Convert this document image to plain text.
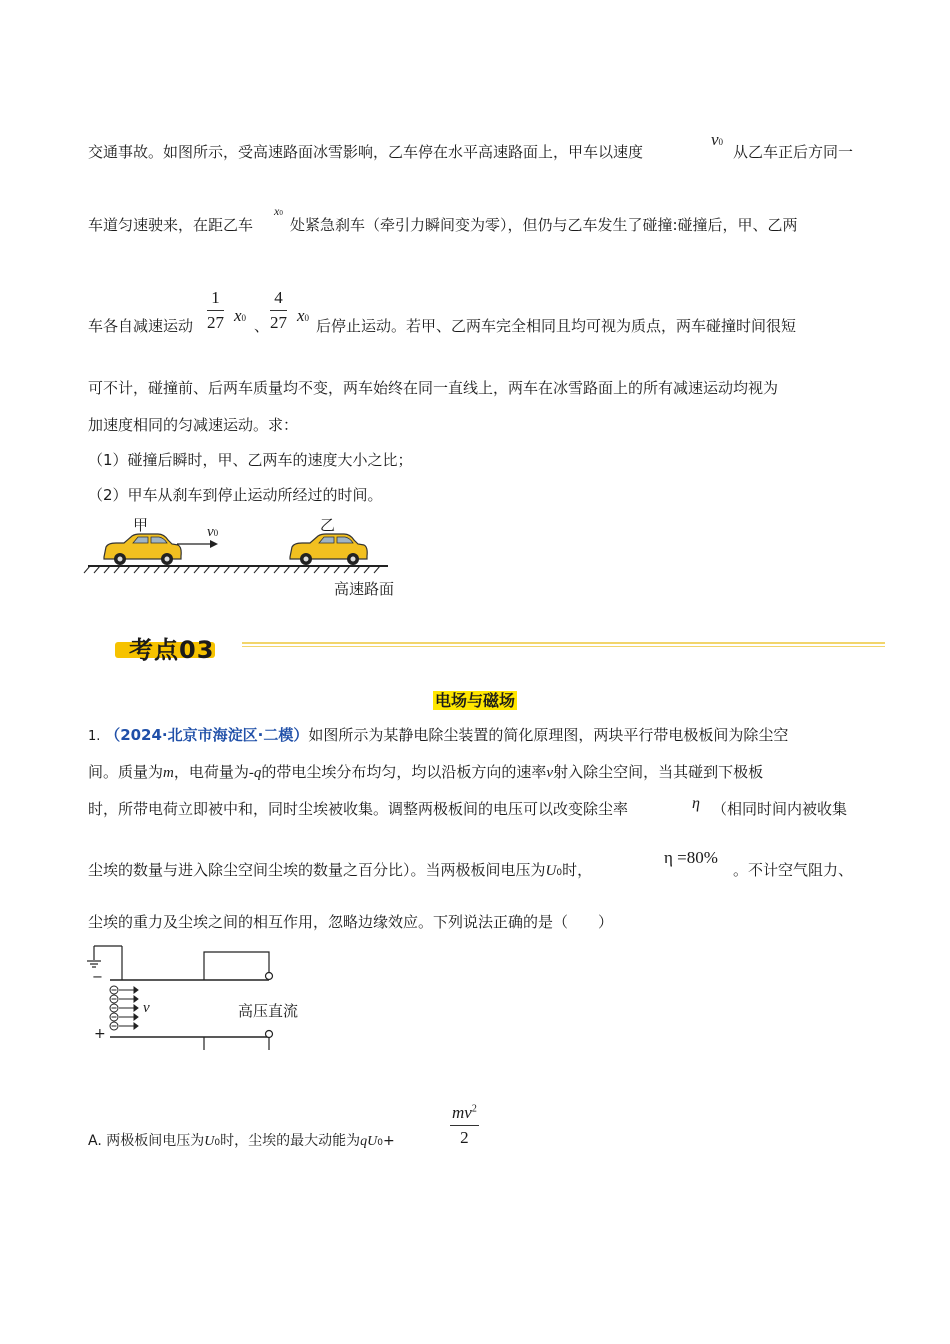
交通事故。如图所示，受高速路面冰雪影响，乙车停在水平高速路面上，甲车以速度
v0
从乙车正后方同一
车道匀速驶来，在距乙车
x0
处紧急刹车（牵引力瞬间变为零），但仍与乙车发生了碰撞:碰撞后，甲、乙两
车各自减速运动
1
27 x0 、
4
27 x0 后停止运动。若甲、乙两车完全相同且均可视为质点，两车碰撞时间很短
可不计，碰撞前、后两车质量均不变，两车始终在同一直线上，两车在冰雪路面上的所有减速运动均视为
加速度相同的匀减速运动。求：
（1）碰撞后瞬时，甲、乙两车的速度大小之比；
（2）甲车从刹车到停止运动所经过的时间。
甲	乙
v0
高速路面
考点03
电场与磁场
1. （2024·北京市海淀区·二模）如图所示为某静电除尘装置的简化原理图，两块平行带电极板间为除尘空
间。质量为m，电荷量为-q的带电尘埃分布均匀，均以沿板方向的速率v射入除尘空间，当其碰到下极板
时，所带电荷立即被中和，同时尘埃被收集。调整两极板间的电压可以改变除尘率	η （相同时间内被收集
尘埃的数量与进入除尘空间尘埃的数量之百分比）。当两极板间电压为U0时，
η =80%
。不计空气阻力、
尘埃的重力及尘埃之间的相互作用，忽略边缘效应。下列说法正确的是（　　）
−
+
v	高压直流
A. 两极板间电压为U0时，尘埃的最大动能为qU0+
$mv^2$
2
